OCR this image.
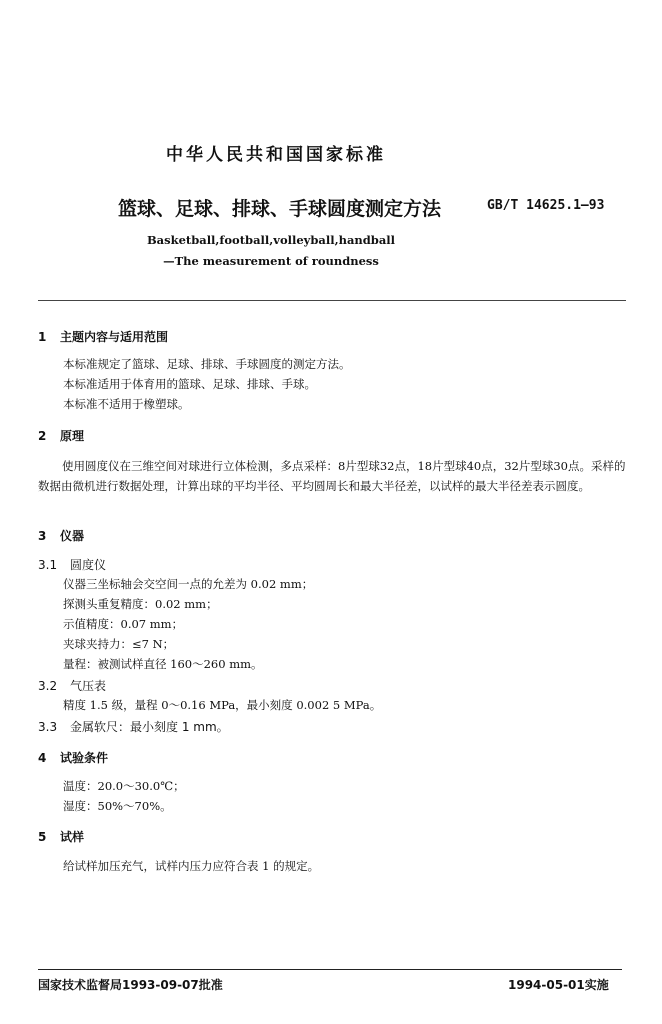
中华人民共和国国家标准
篮球、足球、排球、手球圆度测定方法	GB/T 14625.1—93
Basketball,football,volleyball,handball
—The measurement of roundness
1 主题内容与适用范围
本标准规定了篮球、足球、排球、手球圆度的测定方法。
本标准适用于体育用的篮球、足球、排球、手球。
本标准不适用于橡塑球。
2 原理
使用圆度仪在三维空间对球进行立体检测，多点采样：8片型球32点，18片型球40点，32片型球30点。采样的数据由微机进行数据处理，计算出球的平均半径、平均圆周长和最大半径差，以试样的最大半径差表示圆度。
3 仪器
3.1 圆度仪
仪器三坐标轴会交空间一点的允差为 0.02 mm；
探测头重复精度：0.02 mm；
示值精度：0.07 mm；
夹球夹持力：≤7 N；
量程：被测试样直径 160～260 mm。
3.2 气压表
精度 1.5 级，量程 0～0.16 MPa，最小刻度 0.002 5 MPa。
3.3 金属软尺：最小刻度 1 mm。
4 试验条件
温度：20.0～30.0℃；
湿度：50%～70%。
5 试样
给试样加压充气，试样内压力应符合表 1 的规定。
国家技术监督局1993-09-07批准	1994-05-01实施
